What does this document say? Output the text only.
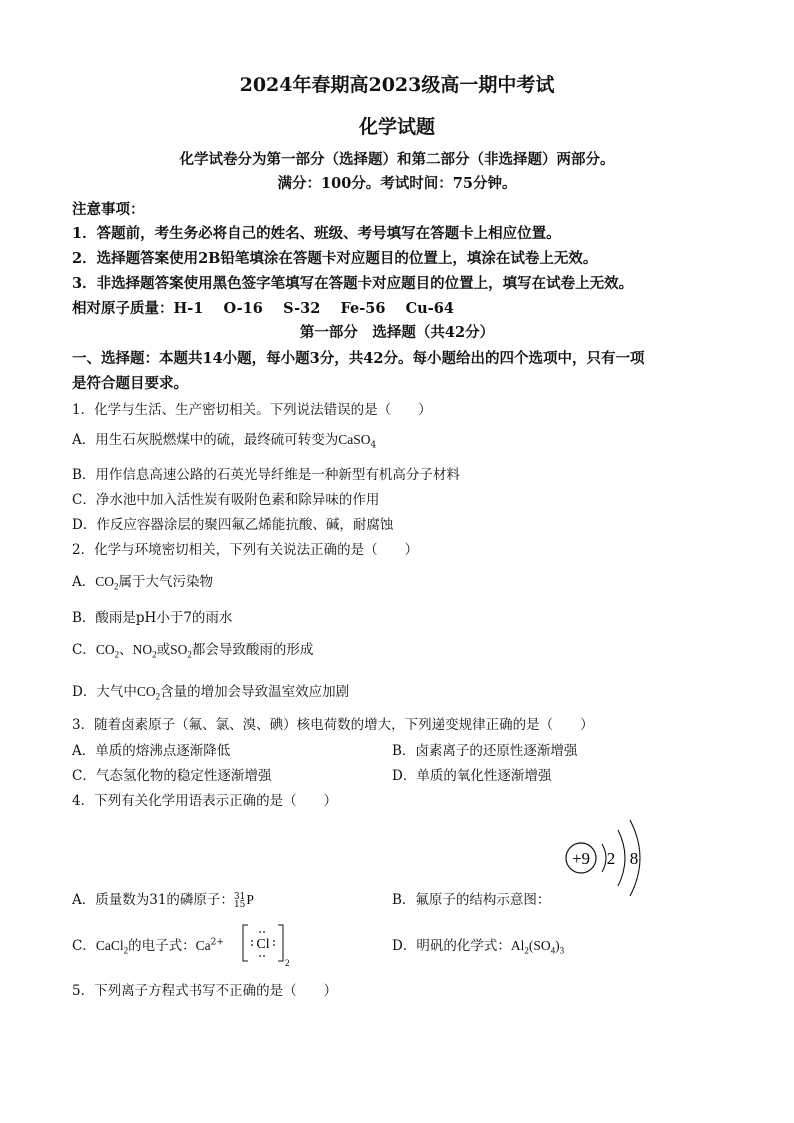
2024年春期高2023级高一期中考试
化学试题
化学试卷分为第一部分（选择题）和第二部分（非选择题）两部分。
满分：100分。考试时间：75分钟。
注意事项：
1．答题前，考生务必将自己的姓名、班级、考号填写在答题卡上相应位置。
2．选择题答案使用2B铅笔填涂在答题卡对应题目的位置上，填涂在试卷上无效。
3．非选择题答案使用黑色签字笔填写在答题卡对应题目的位置上，填写在试卷上无效。
相对原子质量：H-1 O-16 S-32 Fe-56 Cu-64
第一部分　选择题（共42分）
一、选择题：本题共14小题，每小题3分，共42分。每小题给出的四个选项中，只有一项
是符合题目要求。
1．化学与生活、生产密切相关。下列说法错误的是（　　）
A．用生石灰脱燃煤中的硫，最终硫可转变为CaSO$_4$
B．用作信息高速公路的石英光导纤维是一种新型有机高分子材料
C．净水池中加入活性炭有吸附色素和除异味的作用
D．作反应容器涂层的聚四氟乙烯能抗酸、碱，耐腐蚀
2．化学与环境密切相关，下列有关说法正确的是（　　）
A．$CO_2$属于大气污染物
B．酸雨是pH小于7的雨水
C．$CO_2$、$NO_2$或$SO_2$都会导致酸雨的形成
D．大气中$CO_2$含量的增加会导致温室效应加剧
3．随着卤素原子（氟、氯、溴、碘）核电荷数的增大，下列递变规律正确的是（　　）
A．单质的熔沸点逐渐降低	B．卤素离子的还原性逐渐增强
C．气态氢化物的稳定性逐渐增强	D．单质的氧化性逐渐增强
4．下列有关化学用语表示正确的是（　　）
+9 2 8
A．质量数为31的磷原子：31
15P	B．氟原子的结构示意图：
C．CaCl$_2$的电子式：$Ca^{2+}$ Cl
2
D．明矾的化学式：$Al_2(SO_4)_3$
5．下列离子方程式书写不正确的是（　　）
